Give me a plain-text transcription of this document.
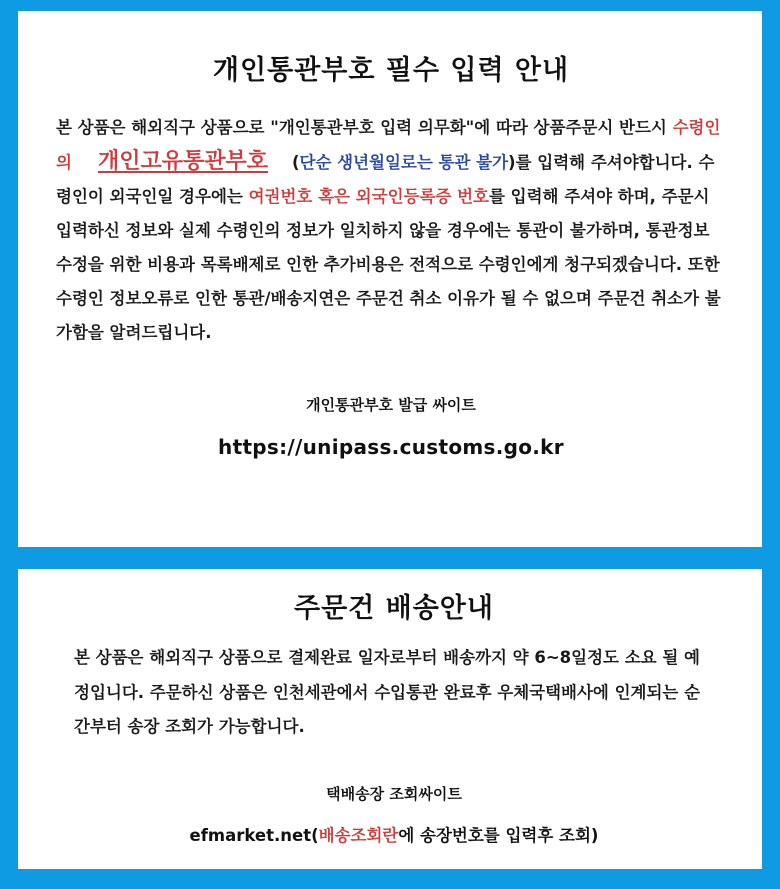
개인통관부호 필수 입력 안내
본 상품은 해외직구 상품으로 "개인통관부호 입력 의무화"에 따라 상품주문시 반드시 수령인의 개인고유통관부호 (단순 생년월일로는 통관 불가)를 입력해 주셔야합니다. 수령인이 외국인일 경우에는 여권번호 혹은 외국인등록증 번호를 입력해 주셔야 하며, 주문시 입력하신 정보와 실제 수령인의 정보가 일치하지 않을 경우에는 통관이 불가하며, 통관정보 수정을 위한 비용과 목록배제로 인한 추가비용은 전적으로 수령인에게 청구되겠습니다. 또한 수령인 정보오류로 인한 통관/배송지연은 주문건 취소 이유가 될 수 없으며 주문건 취소가 불가함을 알려드립니다.
개인통관부호 발급 싸이트
https://unipass.customs.go.kr
주문건 배송안내
본 상품은 해외직구 상품으로 결제완료 일자로부터 배송까지 약 6~8일정도 소요 될 예정입니다. 주문하신 상품은 인천세관에서 수입통관 완료후 우체국택배사에 인계되는 순간부터 송장 조회가 가능합니다.
택배송장 조회싸이트
efmarket.net(배송조회란에 송장번호를 입력후 조회)
